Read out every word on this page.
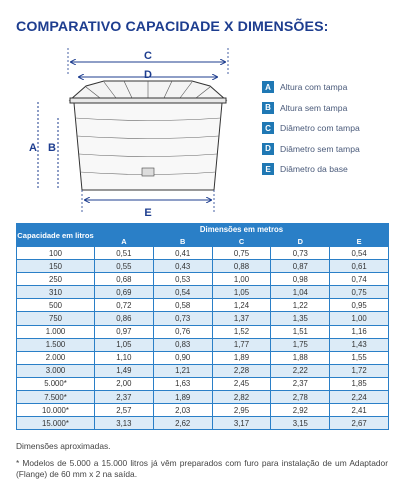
COMPARATIVO CAPACIDADE X DIMENSÕES:
C
D
A B
E
A	Altura com tampa
B	Altura sem tampa
C	Diâmetro com tampa
D	Diâmetro sem tampa
E	Diâmetro da base
Capacidade em litros	Dimensões em metros				
	A	B	C	D	E
100	0,51	0,41	0,75	0,73	0,54
150	0,55	0,43	0,88	0,87	0,61
250	0,68	0,53	1,00	0,98	0,74
310	0,69	0,54	1,05	1,04	0,75
500	0,72	0,58	1,24	1,22	0,95
750	0,86	0,73	1,37	1,35	1,00
1.000	0,97	0,76	1,52	1,51	1,16
1.500	1,05	0,83	1,77	1,75	1,43
2.000	1,10	0,90	1,89	1,88	1,55
3.000	1,49	1,21	2,28	2,22	1,72
5.000*	2,00	1,63	2,45	2,37	1,85
7.500*	2,37	1,89	2,82	2,78	2,24
10.000*	2,57	2,03	2,95	2,92	2,41
15.000*	3,13	2,62	3,17	3,15	2,67
Dimensões aproximadas.
* Modelos de 5.000 a 15.000 litros já vêm preparados com furo para instalação de um Adaptador (Flange) de 60 mm x 2 na saída.
